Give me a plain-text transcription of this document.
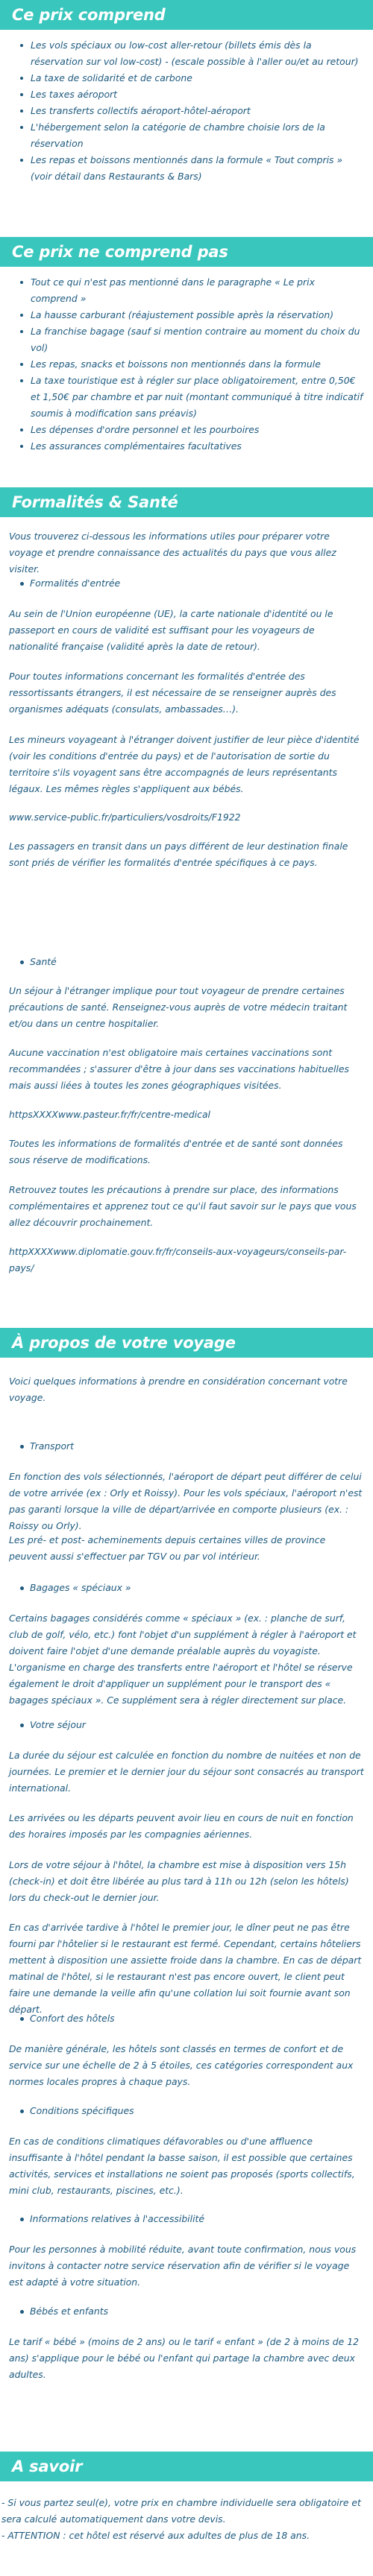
Ce prix comprend
Les vols spéciaux ou low-cost aller-retour (billets émis dès la réservation sur vol low-cost) - (escale possible à l'aller ou/et au retour)
La taxe de solidarité et de carbone
Les taxes aéroport
Les transferts collectifs aéroport-hôtel-aéroport
L'hébergement selon la catégorie de chambre choisie lors de la réservation
Les repas et boissons mentionnés dans la formule « Tout compris » (voir détail dans Restaurants & Bars)
Ce prix ne comprend pas
Tout ce qui n'est pas mentionné dans le paragraphe « Le prix comprend »
La hausse carburant (réajustement possible après la réservation)
La franchise bagage (sauf si mention contraire au moment du choix du vol)
Les repas, snacks et boissons non mentionnés dans la formule
La taxe touristique est à régler sur place obligatoirement, entre 0,50€ et 1,50€ par chambre et par nuit (montant communiqué à titre indicatif soumis à modification sans préavis)
Les dépenses d'ordre personnel et les pourboires
Les assurances complémentaires facultatives
Formalités & Santé

Vous trouverez ci-dessous les informations utiles pour préparer votre voyage et prendre connaissance des actualités du pays que vous allez visiter.

Formalités d'entrée

Au sein de l'Union européenne (UE), la carte nationale d'identité ou le passeport en cours de validité est suffisant pour les voyageurs de nationalité française (validité après la date de retour).

Pour toutes informations concernant les formalités d'entrée des ressortissants étrangers, il est nécessaire de se renseigner auprès des organismes adéquats (consulats, ambassades…).

Les mineurs voyageant à l'étranger doivent justifier de leur pièce d'identité (voir les conditions d'entrée du pays) et de l'autorisation de sortie du territoire s'ils voyagent sans être accompagnés de leurs représentants légaux. Les mêmes règles s'appliquent aux bébés.

www.service-public.fr/particuliers/vosdroits/F1922

Les passagers en transit dans un pays différent de leur destination finale sont priés de vérifier les formalités d'entrée spécifiques à ce pays.

Santé

Un séjour à l'étranger implique pour tout voyageur de prendre certaines précautions de santé. Renseignez-vous auprès de votre médecin traitant et/ou dans un centre hospitalier.

Aucune vaccination n'est obligatoire mais certaines vaccinations sont recommandées ; s'assurer d'être à jour dans ses vaccinations habituelles mais aussi liées à toutes les zones géographiques visitées.

httpsXXXXwww.pasteur.fr/fr/centre-medical

Toutes les informations de formalités d'entrée et de santé sont données sous réserve de modifications.

Retrouvez toutes les précautions à prendre sur place, des informations complémentaires et apprenez tout ce qu'il faut savoir sur le pays que vous allez découvrir prochainement.

httpXXXXwww.diplomatie.gouv.fr/fr/conseils-aux-voyageurs/conseils-par-pays/

À propos de votre voyage

Voici quelques informations à prendre en considération concernant votre voyage.

Transport

En fonction des vols sélectionnés, l'aéroport de départ peut différer de celui de votre arrivée (ex : Orly et Roissy). Pour les vols spéciaux, l'aéroport n'est pas garanti lorsque la ville de départ/arrivée en comporte plusieurs (ex. : Roissy ou Orly).

Les pré- et post- acheminements depuis certaines villes de province peuvent aussi s'effectuer par TGV ou par vol intérieur.

Bagages « spéciaux »

Certains bagages considérés comme « spéciaux » (ex. : planche de surf, club de golf, vélo, etc.) font l'objet d'un supplément à régler à l'aéroport et doivent faire l'objet d'une demande préalable auprès du voyagiste. L'organisme en charge des transferts entre l'aéroport et l'hôtel se réserve également le droit d'appliquer un supplément pour le transport des « bagages spéciaux ». Ce supplément sera à régler directement sur place.

Votre séjour

La durée du séjour est calculée en fonction du nombre de nuitées et non de journées. Le premier et le dernier jour du séjour sont consacrés au transport international.

Les arrivées ou les départs peuvent avoir lieu en cours de nuit en fonction des horaires imposés par les compagnies aériennes.

Lors de votre séjour à l'hôtel, la chambre est mise à disposition vers 15h (check-in) et doit être libérée au plus tard à 11h ou 12h (selon les hôtels) lors du check-out le dernier jour.

En cas d'arrivée tardive à l'hôtel le premier jour, le dîner peut ne pas être fourni par l'hôtelier si le restaurant est fermé. Cependant, certains hôteliers mettent à disposition une assiette froide dans la chambre. En cas de départ matinal de l'hôtel, si le restaurant n'est pas encore ouvert, le client peut faire une demande la veille afin qu'une collation lui soit fournie avant son départ.

Confort des hôtels

De manière générale, les hôtels sont classés en termes de confort et de service sur une échelle de 2 à 5 étoiles, ces catégories correspondent aux normes locales propres à chaque pays.

Conditions spécifiques

En cas de conditions climatiques défavorables ou d'une affluence insuffisante à l'hôtel pendant la basse saison, il est possible que certaines activités, services et installations ne soient pas proposés (sports collectifs, mini club, restaurants, piscines, etc.).

Informations relatives à l'accessibilité

Pour les personnes à mobilité réduite, avant toute confirmation, nous vous invitons à contacter notre service réservation afin de vérifier si le voyage est adapté à votre situation.

Bébés et enfants

Le tarif « bébé » (moins de 2 ans) ou le tarif « enfant » (de 2 à moins de 12 ans) s'applique pour le bébé ou l'enfant qui partage la chambre avec deux adultes.

A savoir

- Si vous partez seul(e), votre prix en chambre individuelle sera obligatoire et sera calculé automatiquement dans votre devis.

- ATTENTION : cet hôtel est réservé aux adultes de plus de 18 ans.
